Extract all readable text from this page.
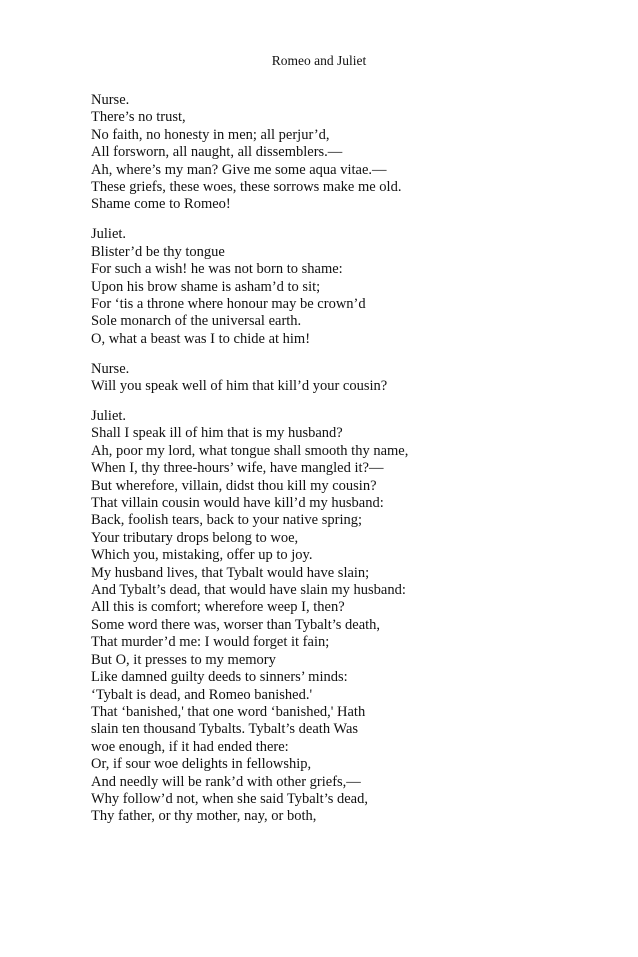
Romeo and Juliet
Nurse.
There’s no trust,
No faith, no honesty in men; all perjur’d,
All forsworn, all naught, all dissemblers.—
Ah, where’s my man? Give me some aqua vitae.—
These griefs, these woes, these sorrows make me old.
Shame come to Romeo!
Juliet.
Blister’d be thy tongue
For such a wish! he was not born to shame:
Upon his brow shame is asham’d to sit;
For ‘tis a throne where honour may be crown’d
Sole monarch of the universal earth.
O, what a beast was I to chide at him!
Nurse.
Will you speak well of him that kill’d your cousin?
Juliet.
Shall I speak ill of him that is my husband?
Ah, poor my lord, what tongue shall smooth thy name,
When I, thy three-hours’ wife, have mangled it?—
But wherefore, villain, didst thou kill my cousin?
That villain cousin would have kill’d my husband:
Back, foolish tears, back to your native spring;
Your tributary drops belong to woe,
Which you, mistaking, offer up to joy.
My husband lives, that Tybalt would have slain;
And Tybalt’s dead, that would have slain my husband:
All this is comfort; wherefore weep I, then?
Some word there was, worser than Tybalt’s death,
That murder’d me: I would forget it fain;
But O, it presses to my memory
Like damned guilty deeds to sinners’ minds:
‘Tybalt is dead, and Romeo banished.'
That ‘banished,' that one word ‘banished,' Hath
slain ten thousand Tybalts. Tybalt’s death Was
woe enough, if it had ended there:
Or, if sour woe delights in fellowship,
And needly will be rank’d with other griefs,—
Why follow’d not, when she said Tybalt’s dead,
Thy father, or thy mother, nay, or both,
